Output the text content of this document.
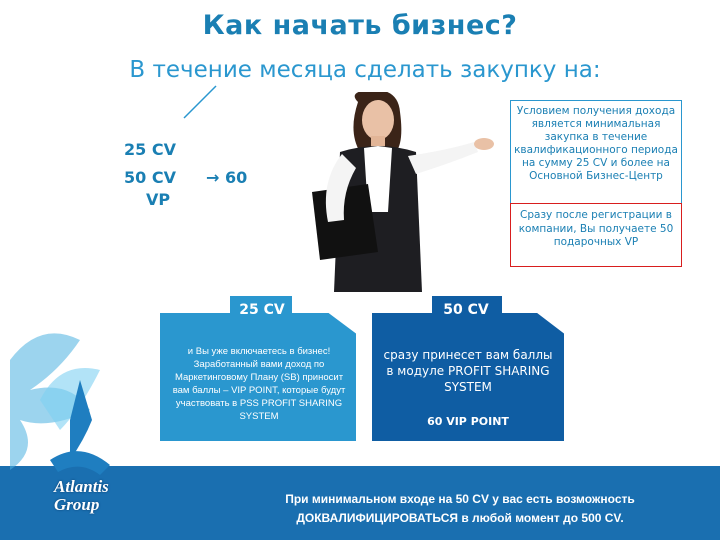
Как начать бизнес?
В течение месяца сделать закупку на:
25 CV
50 CV → 60
VP
Условием получения дохода является минимальная закупка в течение квалификационного периода на сумму 25 CV и более на Основной Бизнес-Центр
Сразу после регистрации в компании, Вы получаете 50 подарочных VP
25 CV
и Вы уже включаетесь в бизнес! Заработанный вами доход по Маркетинговому Плану (SB) приносит вам баллы – VIP POINT, которые будут участвовать в PSS PROFIT SHARING SYSTEM
50 CV
сразу принесет вам баллы в модуле PROFIT SHARING SYSTEM
60 VIP POINT
Atlantis
Group	При минимальном входе на 50 CV у вас есть возможность
ДОКВАЛИФИЦИРОВАТЬСЯ в любой момент до 500 CV.
